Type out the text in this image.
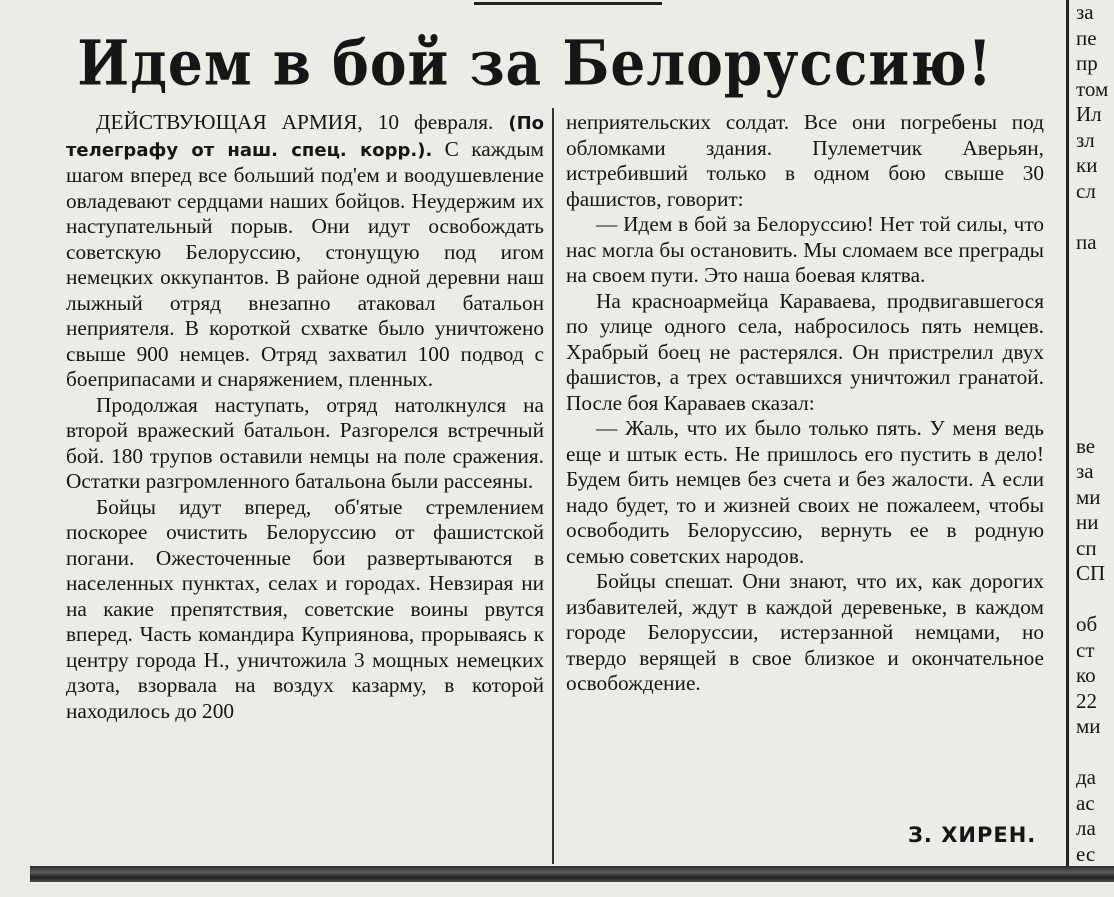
Идем в бой за Белоруссию!

ДЕЙСТВУЮЩАЯ АРМИЯ, 10 февраля. (По телеграфу от наш. спец. корр.). С каждым шагом вперед все больший под'ем и воодушевление овладевают сердцами наших бойцов. Неудержим их наступательный порыв. Они идут освобождать советскую Белоруссию, стонущую под игом немецких оккупантов. В районе одной деревни наш лыжный отряд внезапно атаковал батальон неприятеля. В короткой схватке было уничтожено свыше 900 немцев. Отряд захватил 100 подвод с боеприпасами и снаряжением, пленных.

Продолжая наступать, отряд натолкнулся на второй вражеский батальон. Разгорелся встречный бой. 180 трупов оставили немцы на поле сражения. Остатки разгромленного батальона были рассеяны.

Бойцы идут вперед, об'ятые стремлением поскорее очистить Белоруссию от фашистской погани. Ожесточенные бои развертываются в населенных пунктах, селах и городах. Невзирая ни на какие препятствия, советские воины рвутся вперед. Часть командира Куприянова, прорываясь к центру города Н., уничтожила 3 мощных немецких дзота, взорвала на воздух казарму, в которой находилось до 200

неприятельских солдат. Все они погребены под обломками здания. Пулеметчик Аверьян, истребивший только в одном бою свыше 30 фашистов, говорит:

— Идем в бой за Белоруссию! Нет той силы, что нас могла бы остановить. Мы сломаем все преграды на своем пути. Это наша боевая клятва.

На красноармейца Караваева, продвигавшегося по улице одного села, набросилось пять немцев. Храбрый боец не растерялся. Он пристрелил двух фашистов, а трех оставшихся уничтожил гранатой. После боя Караваев сказал:

— Жаль, что их было только пять. У меня ведь еще и штык есть. Не пришлось его пустить в дело! Будем бить немцев без счета и без жалости. А если надо будет, то и жизней своих не пожалеем, чтобы освободить Белоруссию, вернуть ее в родную семью советских народов.

Бойцы спешат. Они знают, что их, как дорогих избавителей, ждут в каждой деревеньке, в каждом городе Белоруссии, истерзанной немцами, но твердо верящей в свое близкое и окончательное освобождение.

З. ХИРЕН.
за
пе
пр
том
Ил
зл
ки
сл
па
ве
за
ми
ни
сп
СП
об
ст
ко
22
ми
да
ас
ла
ес
